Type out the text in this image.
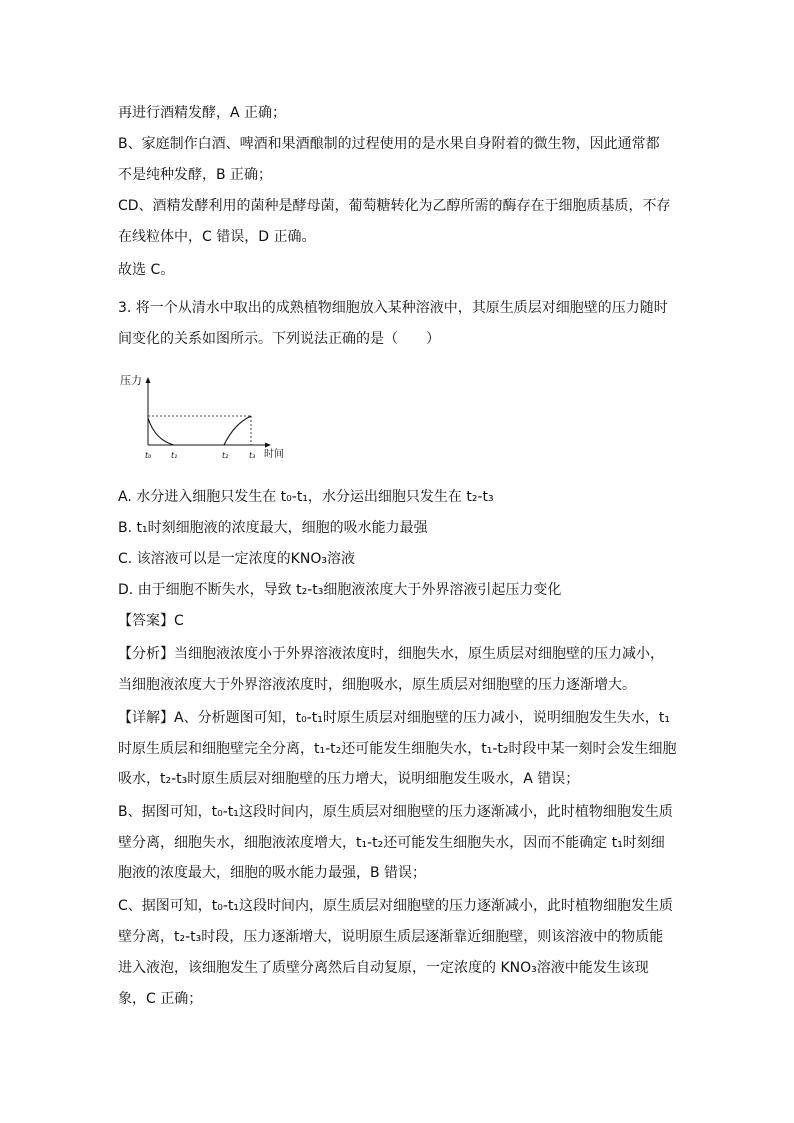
再进行酒精发酵，A 正确；
B、家庭制作白酒、啤酒和果酒酿制的过程使用的是水果自身附着的微生物，因此通常都
不是纯种发酵，B 正确；
CD、酒精发酵利用的菌种是酵母菌，葡萄糖转化为乙醇所需的酶存在于细胞质基质，不存
在线粒体中，C 错误，D 正确。
故选 C。
3. 将一个从清水中取出的成熟植物细胞放入某种溶液中，其原生质层对细胞壁的压力随时
间变化的关系如图所示。下列说法正确的是（　　）
压力
时间
t₀ t₁	t₂	t₃
A. 水分进入细胞只发生在 t₀-t₁，水分运出细胞只发生在 t₂-t₃
B. t₁时刻细胞液的浓度最大，细胞的吸水能力最强
C. 该溶液可以是一定浓度的KNO₃溶液
D. 由于细胞不断失水，导致 t₂-t₃细胞液浓度大于外界溶液引起压力变化
【答案】C
【分析】当细胞液浓度小于外界溶液浓度时，细胞失水，原生质层对细胞壁的压力减小，
当细胞液浓度大于外界溶液浓度时，细胞吸水，原生质层对细胞壁的压力逐渐增大。
【详解】A、分析题图可知，t₀-t₁时原生质层对细胞壁的压力减小，说明细胞发生失水，t₁
时原生质层和细胞壁完全分离，t₁-t₂还可能发生细胞失水，t₁-t₂时段中某一刻时会发生细胞
吸水，t₂-t₃时原生质层对细胞壁的压力增大，说明细胞发生吸水，A 错误；
B、据图可知，t₀-t₁这段时间内，原生质层对细胞壁的压力逐渐减小，此时植物细胞发生质
壁分离，细胞失水，细胞液浓度增大，t₁-t₂还可能发生细胞失水，因而不能确定 t₁时刻细
胞液的浓度最大，细胞的吸水能力最强，B 错误；
C、据图可知，t₀-t₁这段时间内，原生质层对细胞壁的压力逐渐减小，此时植物细胞发生质
壁分离，t₂-t₃时段，压力逐渐增大，说明原生质层逐渐靠近细胞壁，则该溶液中的物质能
进入液泡，该细胞发生了质壁分离然后自动复原，一定浓度的 KNO₃溶液中能发生该现
象，C 正确；
